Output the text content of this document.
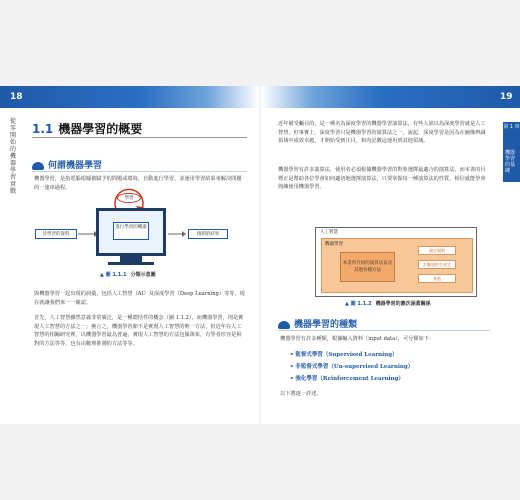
18	19
從零開始的機器學習實戰
第 1 章
機器學習的基礎
1.1 機器學習的概要
何謂機器學習
機器學習，是指電腦根據被賦予的問題或環境，自動進行學習，並運用學習結果來解決問題的一連串過程。
學習
進行學習的機器
待學習的資料	預測的結果
▲ 圖 1.1.1 分類示意圖
與機器學習一起出現的詞彙，包括人工智慧（AI）及深度學習（Deep Learning）等等，現在就讓我們來一一確認。
首先，人工智慧雖然意義非常廣泛，是一種總括性的概念（圖 1.1.2），而機器學習，則是實現人工智慧的方法之一；換言之，機器學習節不是實現人工智慧的唯一方法，但近年在人工智慧的相關研究裡，以機器學習最為普遍，實現人工智慧的方法包羅萬象，有學者形容是相對的方法等等，也有由數理推測的方法等等。
近年備受矚目的，是一種名為深度學習的機器學習演算法，有些人誤以為深度學習就是人工智慧，但事實上，深度學習只是機器學習的演算法之一，說起，深度學習是因為在圖像辨識領域中成效卓越，才開始受到注目，和內記數這運用到其他領域。
機器學習有許多演算法，使用者必須根據機器學習的對象選擇最適合的演算法，而本書的目標正是幫助各位學會如何適切地選擇演算法，只要掌握每一種演算法的性質，相信就能學會熟練使用機器學習。
人工智慧
機器學習
本書所介紹的演算法以及其他各種方法
規定規則
計數規則生成定
其他
▲ 圖 1.1.2 機器學習的應次涵蓋關係
機器學習的種類
機器學習有許多種類，根據輸入資料（input data），可分類如下：
• 監督式學習（Supervised Learning）
• 非監督式學習（Un-supervised Learning）
• 強化學習（Reinforcement Learning）
以下將逐一詳述。
